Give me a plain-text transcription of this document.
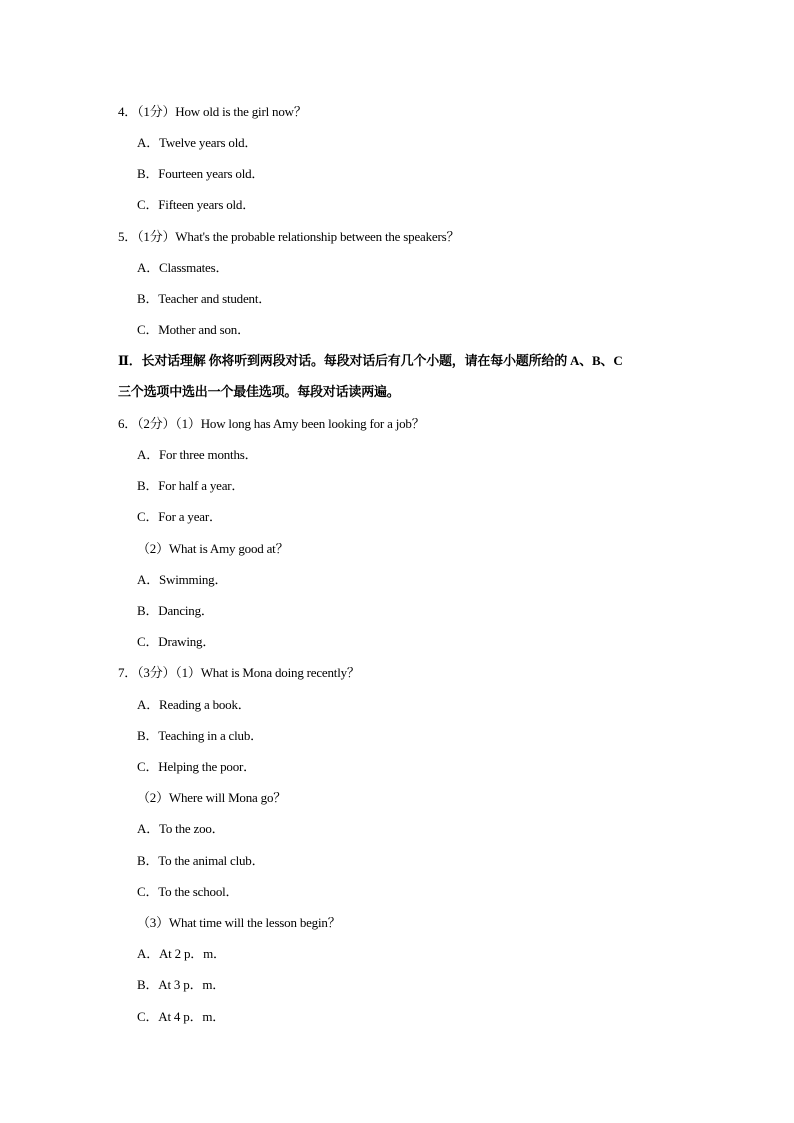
4．（1分）How old is the girl now？
A．Twelve years old．
B．Fourteen years old．
C．Fifteen years old．
5．（1分）What's the probable relationship between the speakers？
A．Classmates．
B．Teacher and student．
C．Mother and son．
Ⅱ．长对话理解 你将听到两段对话。每段对话后有几个小题，请在每小题所给的 A、B、C
三个选项中选出一个最佳选项。每段对话读两遍。
6．（2分）（1）How long has Amy been looking for a job？
A．For three months．
B．For half a year．
C．For a year．
（2）What is Amy good at？
A．Swimming．
B．Dancing．
C．Drawing．
7．（3分）（1）What is Mona doing recently？
A．Reading a book．
B．Teaching in a club．
C．Helping the poor．
（2）Where will Mona go？
A．To the zoo．
B．To the animal club．
C．To the school．
（3）What time will the lesson begin？
A．At 2 p．m．
B．At 3 p．m．
C．At 4 p．m．
